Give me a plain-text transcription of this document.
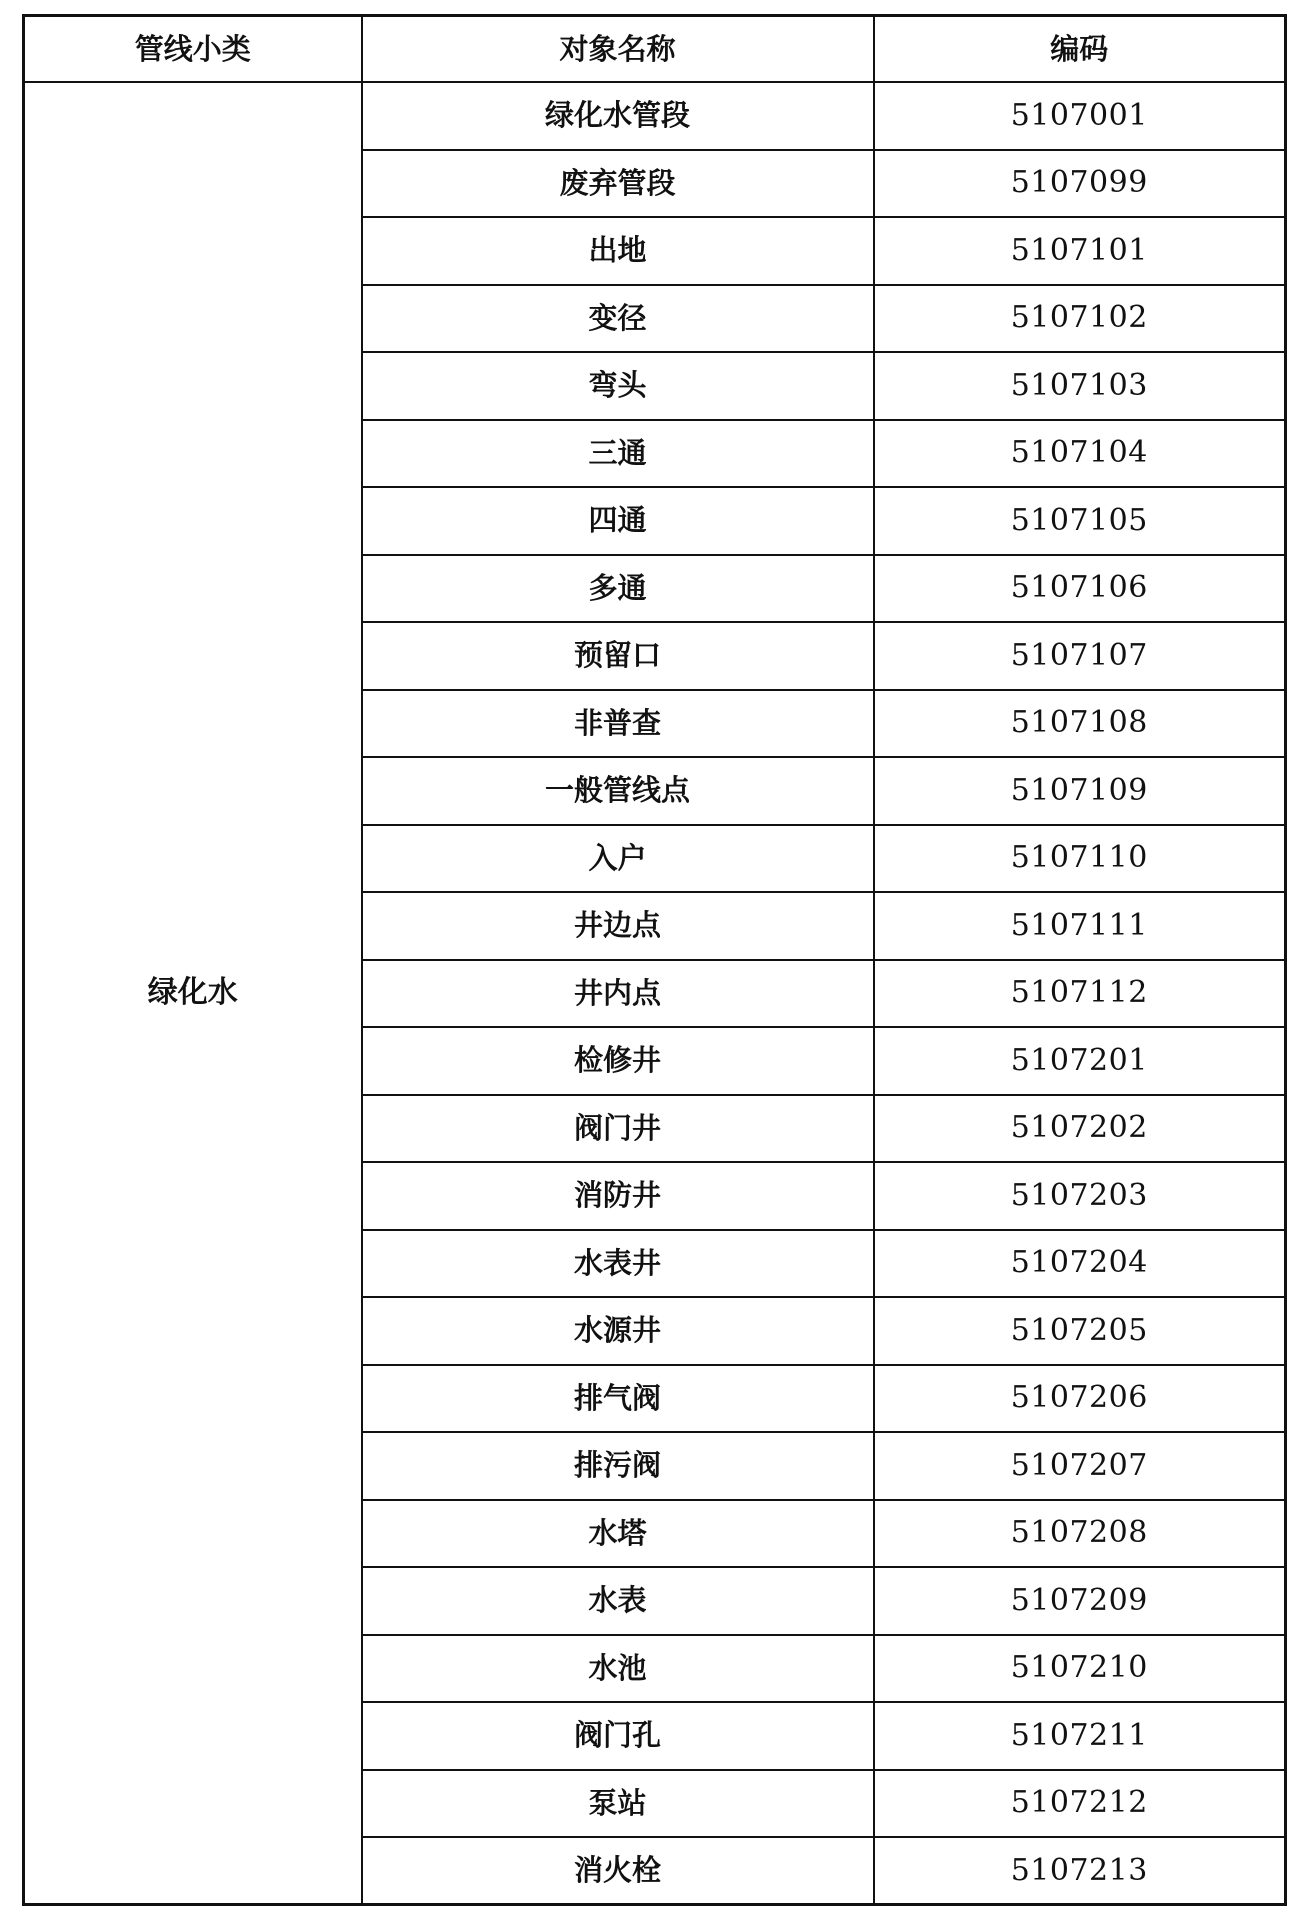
管线小类	对象名称	编码
绿化水	绿化水管段	5107001
	废弃管段	5107099
	出地	5107101
	变径	5107102
	弯头	5107103
	三通	5107104
	四通	5107105
	多通	5107106
	预留口	5107107
	非普查	5107108
	一般管线点	5107109
	入户	5107110
	井边点	5107111
	井内点	5107112
	检修井	5107201
	阀门井	5107202
	消防井	5107203
	水表井	5107204
	水源井	5107205
	排气阀	5107206
	排污阀	5107207
	水塔	5107208
	水表	5107209
	水池	5107210
	阀门孔	5107211
	泵站	5107212
	消火栓	5107213
